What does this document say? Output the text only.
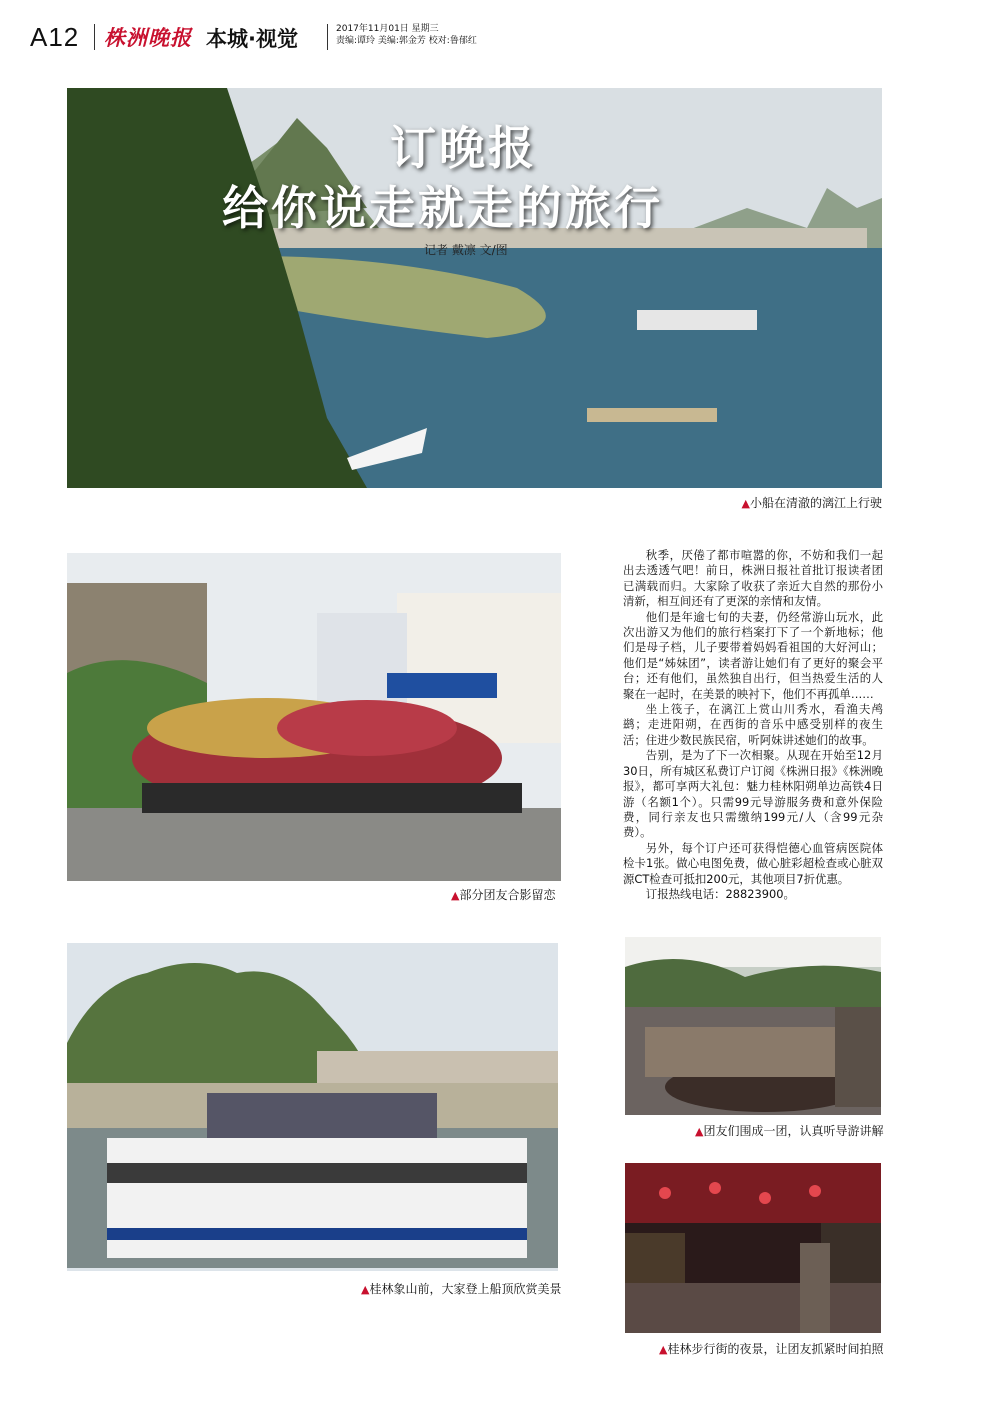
A12 株洲晚报 本城·视觉	2017年11月01日 星期三
责编:谭玲 美编:郭金芳 校对:鲁郁红
订晚报
给你说走就走的旅行
记者 戴凛 文/图
▲小船在清澈的漓江上行驶
▲部分团友合影留恋

秋季，厌倦了都市喧嚣的你，不妨和我们一起出去透透气吧！前日，株洲日报社首批订报读者团已满载而归。大家除了收获了亲近大自然的那份小清新，相互间还有了更深的亲情和友情。

他们是年逾七旬的夫妻，仍经常游山玩水，此次出游又为他们的旅行档案打下了一个新地标；他们是母子档，儿子要带着妈妈看祖国的大好河山；他们是“姊妹团”，读者游让她们有了更好的聚会平台；还有他们，虽然独自出行，但当热爱生活的人聚在一起时，在美景的映衬下，他们不再孤单……

坐上筏子，在漓江上赏山川秀水，看渔夫鸬鹚；走进阳朔，在西街的音乐中感受别样的夜生活；住进少数民族民宿，听阿妹讲述她们的故事。

告别，是为了下一次相聚。从现在开始至12月30日，所有城区私费订户订阅《株洲日报》《株洲晚报》，都可享两大礼包：魅力桂林阳朔单边高铁4日游（名额1个）。只需99元导游服务费和意外保险费，同行亲友也只需缴纳199元/人（含99元杂费）。

另外，每个订户还可获得恺德心血管病医院体检卡1张。做心电图免费，做心脏彩超检查或心脏双源CT检查可抵扣200元，其他项目7折优惠。

订报热线电话：28823900。

▲桂林象山前，大家登上船顶欣赏美景
▲团友们围成一团，认真听导游讲解
▲桂林步行街的夜景，让团友抓紧时间拍照
